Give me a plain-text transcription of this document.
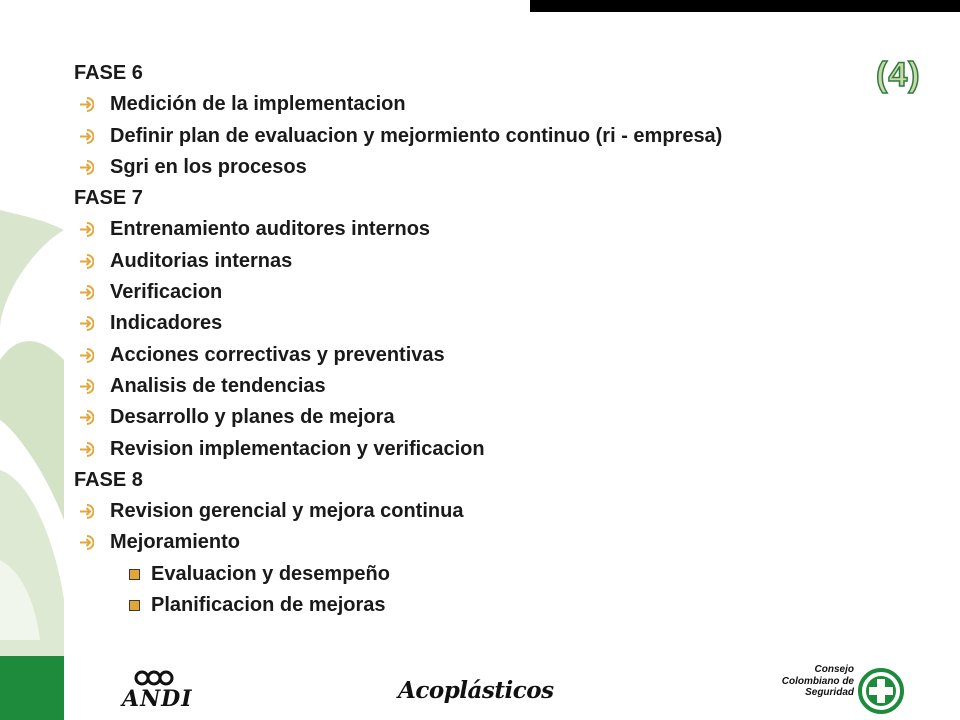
(4)
FASE 6
Medición de la implementacion
Definir plan de evaluacion y mejormiento continuo (ri - empresa)
Sgri en los procesos
FASE 7
Entrenamiento auditores internos
Auditorias internas
Verificacion
Indicadores
Acciones correctivas y preventivas
Analisis de tendencias
Desarrollo y planes de mejora
Revision implementacion y verificacion
FASE 8
Revision gerencial y mejora continua
Mejoramiento
Evaluacion y desempeño
Planificacion de mejoras
ANDI	Acoplásticos
Consejo
Colombiano de
Seguridad
